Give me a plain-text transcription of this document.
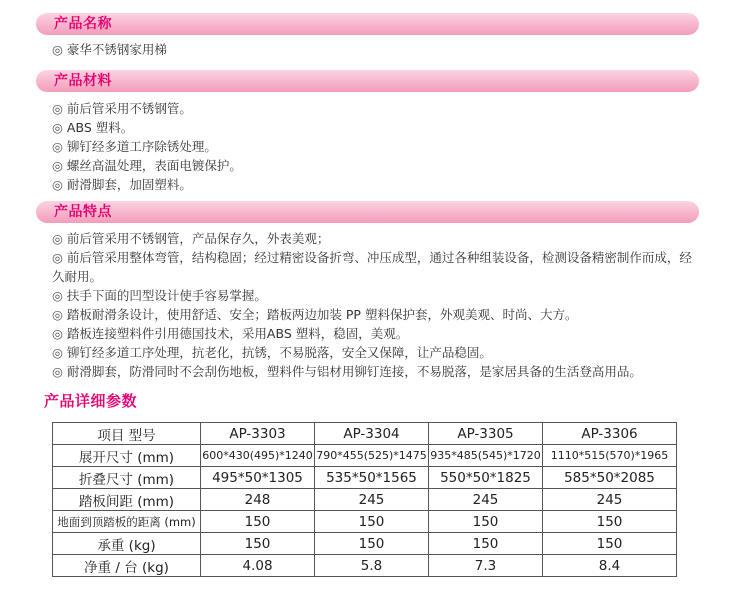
产品名称
◎ 豪华不锈钢家用梯
产品材料
◎ 前后管采用不锈钢管。
◎ ABS 塑料。
◎ 铆钉经多道工序除锈处理。
◎ 螺丝高温处理，表面电镀保护。
◎ 耐滑脚套，加固塑料。
产品特点
◎ 前后管采用不锈钢管，产品保存久，外表美观；
◎ 前后管采用整体弯管，结构稳固；经过精密设备折弯、冲压成型，通过各种组装设备，检测设备精密制作而成，经久耐用。
◎ 扶手下面的凹型设计使手容易掌握。
◎ 踏板耐滑条设计，使用舒适、安全；踏板两边加装 PP 塑料保护套，外观美观、时尚、大方。
◎ 踏板连接塑料件引用德国技术，采用ABS 塑料，稳固，美观。
◎ 铆钉经多道工序处理，抗老化，抗锈，不易脱落，安全又保障，让产品稳固。
◎ 耐滑脚套，防滑同时不会刮伤地板，塑料件与铝材用铆钉连接，不易脱落，是家居具备的生活登高用品。
产品详细参数
项目 型号	AP-3303	AP-3304	AP-3305	AP-3306
展开尺寸 (mm)	600*430(495)*1240	790*455(525)*1475	935*485(545)*1720	1110*515(570)*1965
折叠尺寸 (mm)	495*50*1305	535*50*1565	550*50*1825	585*50*2085
踏板间距 (mm)	248	245	245	245
地面到顶踏板的距离 (mm)	150	150	150	150
承重 (kg)	150	150	150	150
净重 / 台 (kg)	4.08	5.8	7.3	8.4
